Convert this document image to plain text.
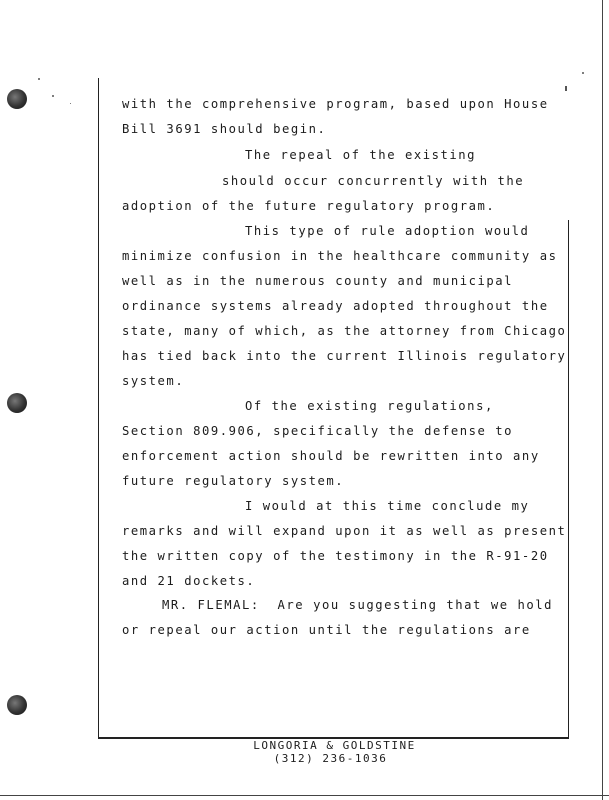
with the comprehensive program, based upon House
Bill 3691 should begin.
The repeal of the existing
should occur concurrently with the
adoption of the future regulatory program.
This type of rule adoption would
minimize confusion in the healthcare community as
well as in the numerous county and municipal
ordinance systems already adopted throughout the
state, many of which, as the attorney from Chicago
has tied back into the current Illinois regulatory
system.
Of the existing regulations,
Section 809.906, specifically the defense to
enforcement action should be rewritten into any
future regulatory system.
I would at this time conclude my
remarks and will expand upon it as well as present
the written copy of the testimony in the R-91-20
and 21 dockets.
MR. FLEMAL:  Are you suggesting that we hold
or repeal our action until the regulations are
LONGORIA & GOLDSTINE
(312) 236-1036
